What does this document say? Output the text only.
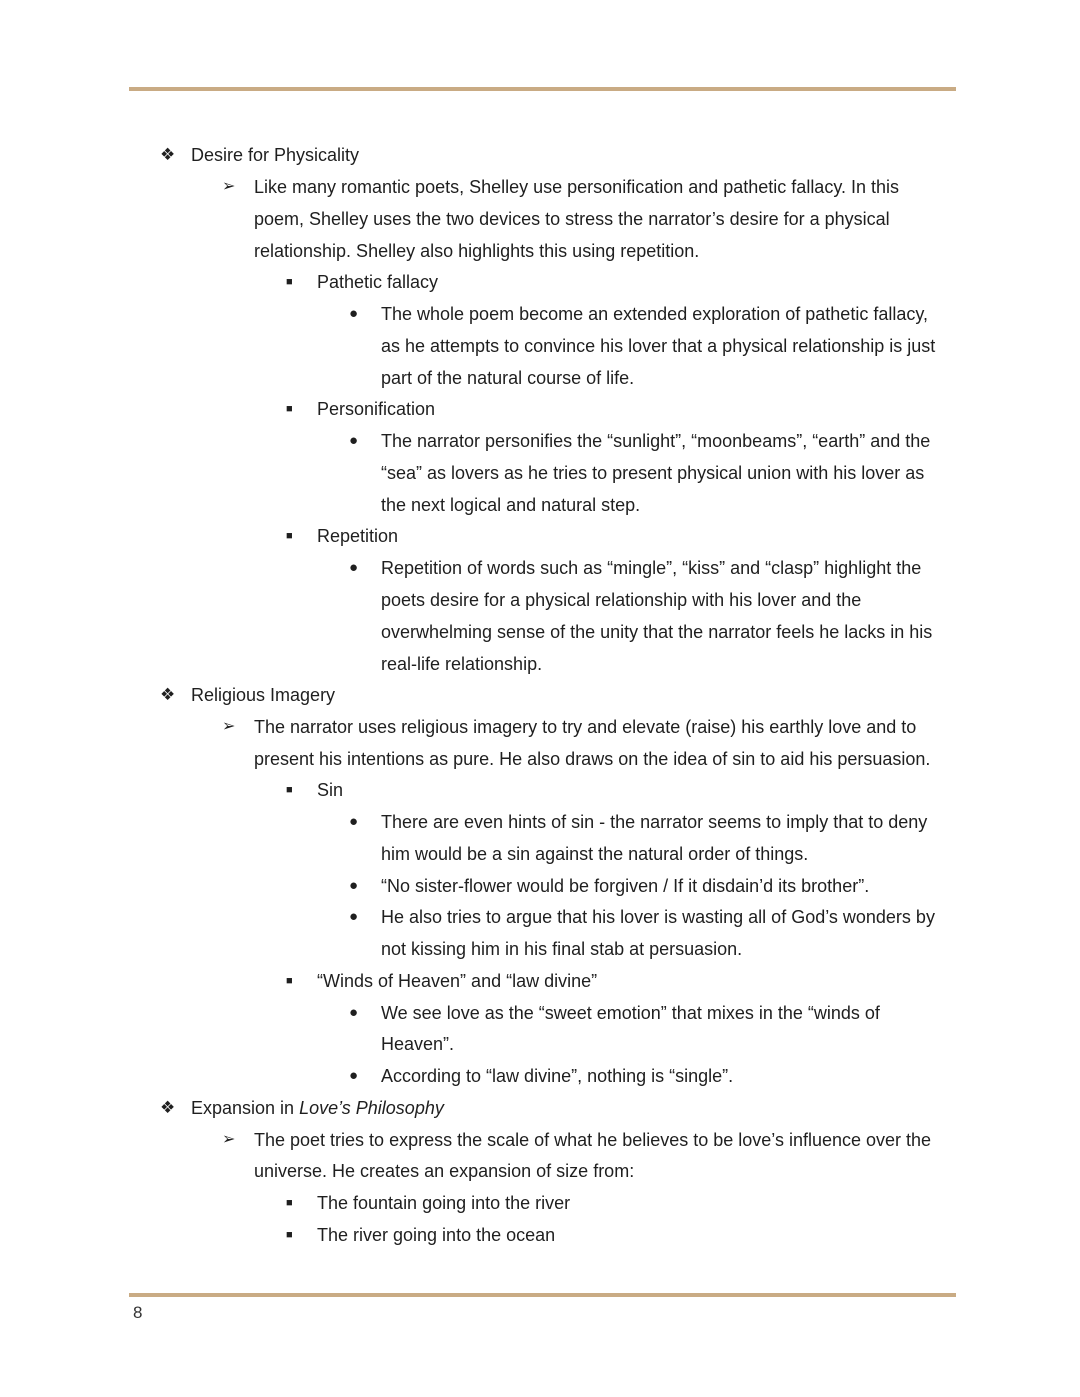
❖ Desire for Physicality
➢ Like many romantic poets, Shelley use personification and pathetic fallacy. In this
poem, Shelley uses the two devices to stress the narrator’s desire for a physical
relationship. Shelley also highlights this using repetition.
■ Pathetic fallacy
● The whole poem become an extended exploration of pathetic fallacy,
as he attempts to convince his lover that a physical relationship is just
part of the natural course of life.
■ Personification
● The narrator personifies the “sunlight”, “moonbeams”, “earth” and the
“sea” as lovers as he tries to present physical union with his lover as
the next logical and natural step.
■ Repetition
● Repetition of words such as “mingle”, “kiss” and “clasp” highlight the
poets desire for a physical relationship with his lover and the
overwhelming sense of the unity that the narrator feels he lacks in his
real-life relationship.
❖ Religious Imagery
➢ The narrator uses religious imagery to try and elevate (raise) his earthly love and to
present his intentions as pure. He also draws on the idea of sin to aid his persuasion.
■ Sin
● There are even hints of sin - the narrator seems to imply that to deny
him would be a sin against the natural order of things.
● “No sister-flower would be forgiven / If it disdain’d its brother”.
● He also tries to argue that his lover is wasting all of God’s wonders by
not kissing him in his final stab at persuasion.
■ “Winds of Heaven” and “law divine”
● We see love as the “sweet emotion” that mixes in the “winds of
Heaven”.
● According to “law divine”, nothing is “single”.
❖ Expansion in Love’s Philosophy
➢ The poet tries to express the scale of what he believes to be love’s influence over the
universe. He creates an expansion of size from:
■ The fountain going into the river
■ The river going into the ocean
8
